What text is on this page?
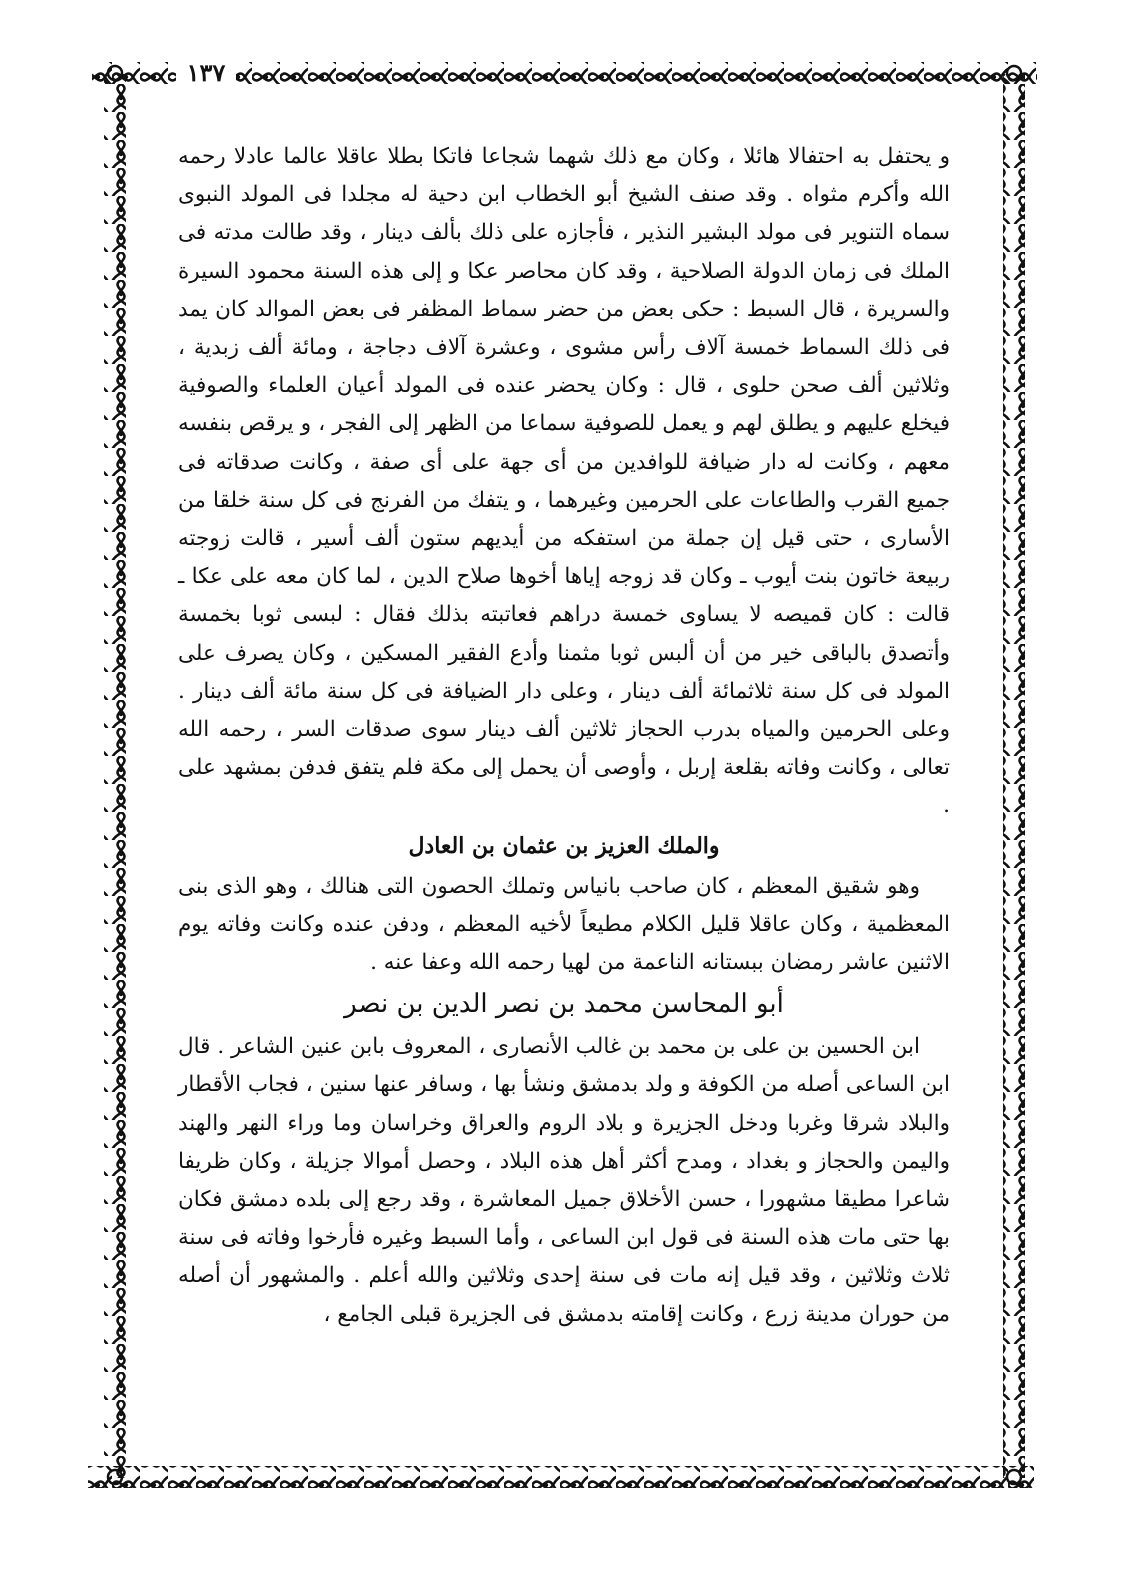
١٣٧

و يحتفل به احتفالا هائلا ، وكان مع ذلك شهما شجاعا فاتكا بطلا عاقلا عالما عادلا رحمه الله وأكرم مثواه . وقد صنف الشيخ أبو الخطاب ابن دحية له مجلدا فى المولد النبوى سماه التنوير فى مولد البشير النذير ، فأجازه على ذلك بألف دينار ، وقد طالت مدته فى الملك فى زمان الدولة الصلاحية ، وقد كان محاصر عكا و إلى هذه السنة محمود السيرة والسريرة ، قال السبط : حكى بعض من حضر سماط المظفر فى بعض الموالد كان يمد فى ذلك السماط خمسة آلاف رأس مشوى ، وعشرة آلاف دجاجة ، ومائة ألف زبدية ، وثلاثين ألف صحن حلوى ، قال : وكان يحضر عنده فى المولد أعيان العلماء والصوفية فيخلع عليهم و يطلق لهم و يعمل للصوفية سماعا من الظهر إلى الفجر ، و يرقص بنفسه معهم ، وكانت له دار ضيافة للوافدين من أى جهة على أى صفة ، وكانت صدقاته فى جميع القرب والطاعات على الحرمين وغيرهما ، و يتفك من الفرنج فى كل سنة خلقا من الأسارى ، حتى قيل إن جملة من استفكه من أيديهم ستون ألف أسير ، قالت زوجته ربيعة خاتون بنت أيوب ـ وكان قد زوجه إياها أخوها صلاح الدين ، لما كان معه على عكا ـ قالت : كان قميصه لا يساوى خمسة دراهم فعاتبته بذلك فقال : لبسى ثوبا بخمسة وأتصدق بالباقى خير من أن ألبس ثوبا مثمنا وأدع الفقير المسكين ، وكان يصرف على المولد فى كل سنة ثلاثمائة ألف دينار ، وعلى دار الضيافة فى كل سنة مائة ألف دينار . وعلى الحرمين والمياه بدرب الحجاز ثلاثين ألف دينار سوى صدقات السر ، رحمه الله تعالى ، وكانت وفاته بقلعة إربل ، وأوصى أن يحمل إلى مكة فلم يتفق فدفن بمشهد على .

والملك العزيز بن عثمان بن العادل

وهو شقيق المعظم ، كان صاحب بانياس وتملك الحصون التى هنالك ، وهو الذى بنى المعظمية ، وكان عاقلا قليل الكلام مطيعاً لأخيه المعظم ، ودفن عنده وكانت وفاته يوم الاثنين عاشر رمضان ببستانه الناعمة من لهيا رحمه الله وعفا عنه .

أبو المحاسن محمد بن نصر الدين بن نصر

ابن الحسين بن على بن محمد بن غالب الأنصارى ، المعروف بابن عنين الشاعر . قال ابن الساعى أصله من الكوفة و ولد بدمشق ونشأ بها ، وسافر عنها سنين ، فجاب الأقطار والبلاد شرقا وغربا ودخل الجزيرة و بلاد الروم والعراق وخراسان وما وراء النهر والهند واليمن والحجاز و بغداد ، ومدح أكثر أهل هذه البلاد ، وحصل أموالا جزيلة ، وكان ظريفا شاعرا مطيقا مشهورا ، حسن الأخلاق جميل المعاشرة ، وقد رجع إلى بلده دمشق فكان بها حتى مات هذه السنة فى قول ابن الساعى ، وأما السبط وغيره فأرخوا وفاته فى سنة ثلاث وثلاثين ، وقد قيل إنه مات فى سنة إحدى وثلاثين والله أعلم . والمشهور أن أصله من حوران مدينة زرع ، وكانت إقامته بدمشق فى الجزيرة قبلى الجامع ،
